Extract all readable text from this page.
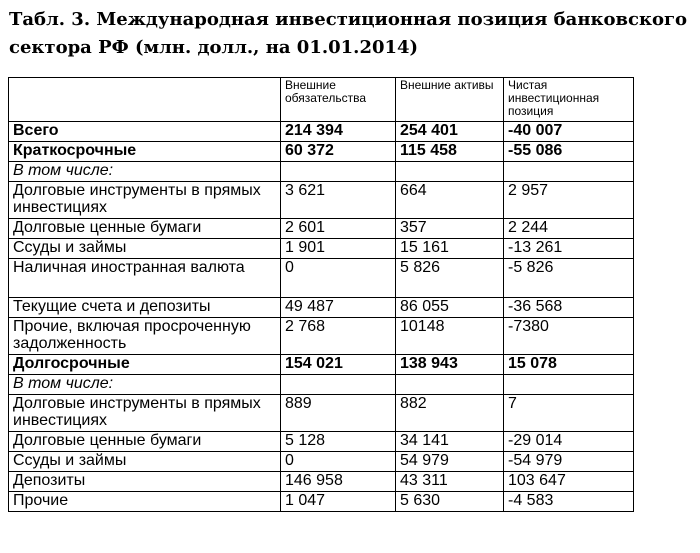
Табл. 3. Международная инвестиционная позиция банковского сектора РФ (млн. долл., на 01.01.2014)

	Внешние обязательства	Внешние активы	Чистая инвестиционная позиция
Всего	214 394	254 401	-40 007
Краткосрочные	60 372	115 458	-55 086
В том числе:			
Долговые инструменты в прямых инвестициях	3 621	664	2 957
Долговые ценные бумаги	2 601	357	2 244
Ссуды и займы	1 901	15 161	-13 261
Наличная иностранная валюта	0	5 826	-5 826
Текущие счета и депозиты	49 487	86 055	-36 568
Прочие, включая просроченную задолженность	2 768	10148	-7380
Долгосрочные	154 021	138 943	15 078
В том числе:			
Долговые инструменты в прямых инвестициях	889	882	7
Долговые ценные бумаги	5 128	34 141	-29 014
Ссуды и займы	0	54 979	-54 979
Депозиты	146 958	43 311	103 647
Прочие	1 047	5 630	-4 583
